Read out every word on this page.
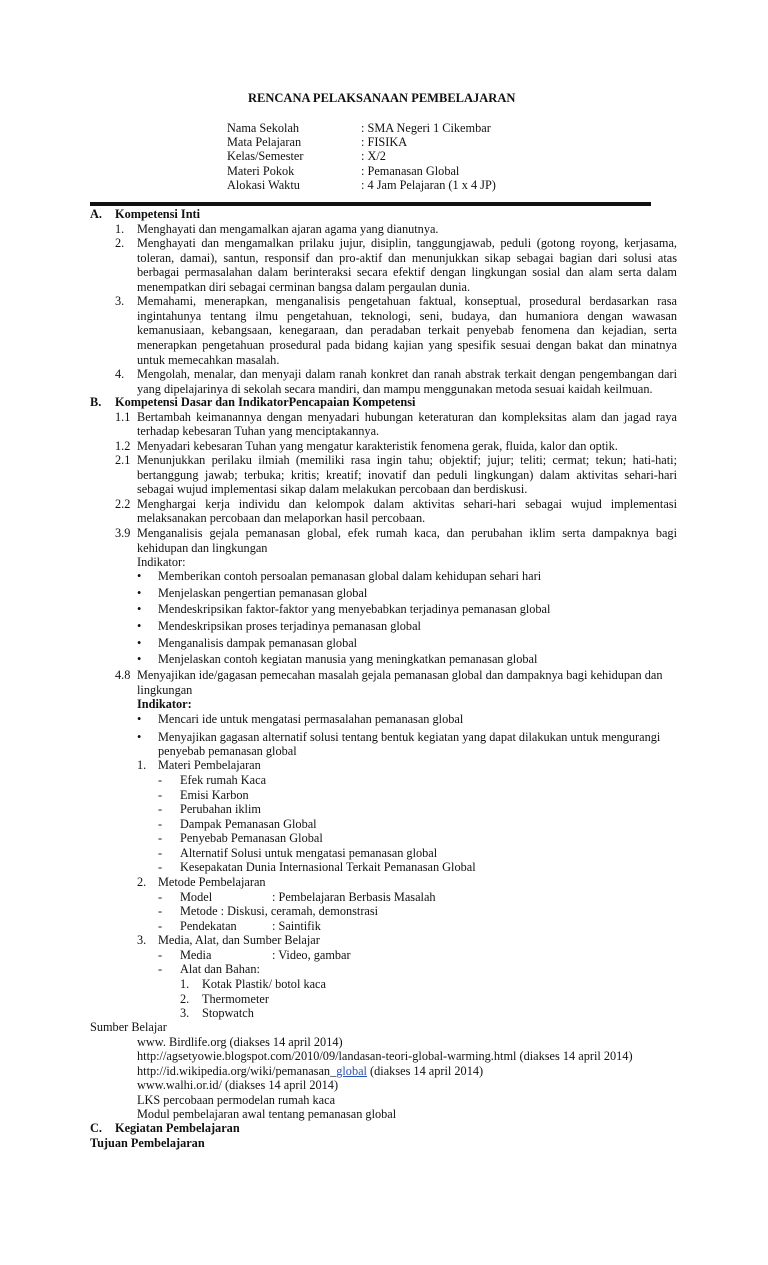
RENCANA PELAKSANAAN PEMBELAJARAN
Nama Sekolah	: SMA Negeri 1 Cikembar
Mata Pelajaran	: FISIKA
Kelas/Semester	: X/2
Materi Pokok	: Pemanasan Global
Alokasi Waktu	: 4 Jam Pelajaran (1 x 4 JP)
A. Kompetensi Inti
1. Menghayati dan mengamalkan ajaran agama yang dianutnya.
2. Menghayati dan mengamalkan prilaku jujur, disiplin, tanggungjawab, peduli (gotong royong, kerjasama,
toleran, damai), santun, responsif dan pro-aktif dan menunjukkan sikap sebagai bagian dari solusi atas
berbagai permasalahan dalam berinteraksi secara efektif dengan lingkungan sosial dan alam serta dalam
menempatkan diri sebagai cerminan bangsa dalam pergaulan dunia.
3. Memahami, menerapkan, menganalisis pengetahuan faktual, konseptual, prosedural berdasarkan rasa
ingintahunya tentang ilmu pengetahuan, teknologi, seni, budaya, dan humaniora dengan wawasan
kemanusiaan, kebangsaan, kenegaraan, dan peradaban terkait penyebab fenomena dan kejadian, serta
menerapkan pengetahuan prosedural pada bidang kajian yang spesifik sesuai dengan bakat dan minatnya
untuk memecahkan masalah.
4. Mengolah, menalar, dan menyaji dalam ranah konkret dan ranah abstrak terkait dengan pengembangan dari
yang dipelajarinya di sekolah secara mandiri, dan mampu menggunakan metoda sesuai kaidah keilmuan.
B. Kompetensi Dasar dan IndikatorPencapaian Kompetensi
1.1 Bertambah keimanannya dengan menyadari hubungan keteraturan dan kompleksitas alam dan jagad raya
terhadap kebesaran Tuhan yang menciptakannya.
1.2 Menyadari kebesaran Tuhan yang mengatur karakteristik fenomena gerak, fluida, kalor dan optik.
2.1 Menunjukkan perilaku ilmiah (memiliki rasa ingin tahu; objektif; jujur; teliti; cermat; tekun; hati-hati;
bertanggung jawab; terbuka; kritis; kreatif; inovatif dan peduli lingkungan) dalam aktivitas sehari-hari
sebagai wujud implementasi sikap dalam melakukan percobaan dan berdiskusi.
2.2 Menghargai kerja individu dan kelompok dalam aktivitas sehari-hari sebagai wujud implementasi
melaksanakan percobaan dan melaporkan hasil percobaan.
3.9 Menganalisis gejala pemanasan global, efek rumah kaca, dan perubahan iklim serta dampaknya bagi
kehidupan dan lingkungan
Indikator:
• Memberikan contoh persoalan pemanasan global dalam kehidupan sehari hari
• Menjelaskan pengertian pemanasan global
• Mendeskripsikan faktor-faktor yang menyebabkan terjadinya pemanasan global
• Mendeskripsikan proses terjadinya pemanasan global
• Menganalisis dampak pemanasan global
• Menjelaskan contoh kegiatan manusia yang meningkatkan pemanasan global
4.8 Menyajikan ide/gagasan pemecahan masalah gejala pemanasan global dan dampaknya bagi kehidupan dan
lingkungan
Indikator:
• Mencari ide untuk mengatasi permasalahan pemanasan global
• Menyajikan gagasan alternatif solusi tentang bentuk kegiatan yang dapat dilakukan untuk mengurangi
penyebab pemanasan global
1. Materi Pembelajaran
- Efek rumah Kaca
- Emisi Karbon
- Perubahan iklim
- Dampak Pemanasan Global
- Penyebab Pemanasan Global
- Alternatif Solusi untuk mengatasi pemanasan global
- Kesepakatan Dunia Internasional Terkait Pemanasan Global
2. Metode Pembelajaran
- Model	: Pembelajaran Berbasis Masalah
- Metode : Diskusi, ceramah, demonstrasi
- Pendekatan	: Saintifik
3. Media, Alat, dan Sumber Belajar
- Media	: Video, gambar
- Alat dan Bahan:
1. Kotak Plastik/ botol kaca
2. Thermometer
3. Stopwatch
Sumber Belajar
www. Birdlife.org (diakses 14 april 2014)
http://agsetyowie.blogspot.com/2010/09/landasan-teori-global-warming.html (diakses 14 april 2014)
http://id.wikipedia.org/wiki/pemanasan_global (diakses 14 april 2014)
www.walhi.or.id/ (diakses 14 april 2014)
LKS percobaan permodelan rumah kaca
Modul pembelajaran awal tentang pemanasan global
C. Kegiatan Pembelajaran
Tujuan Pembelajaran
